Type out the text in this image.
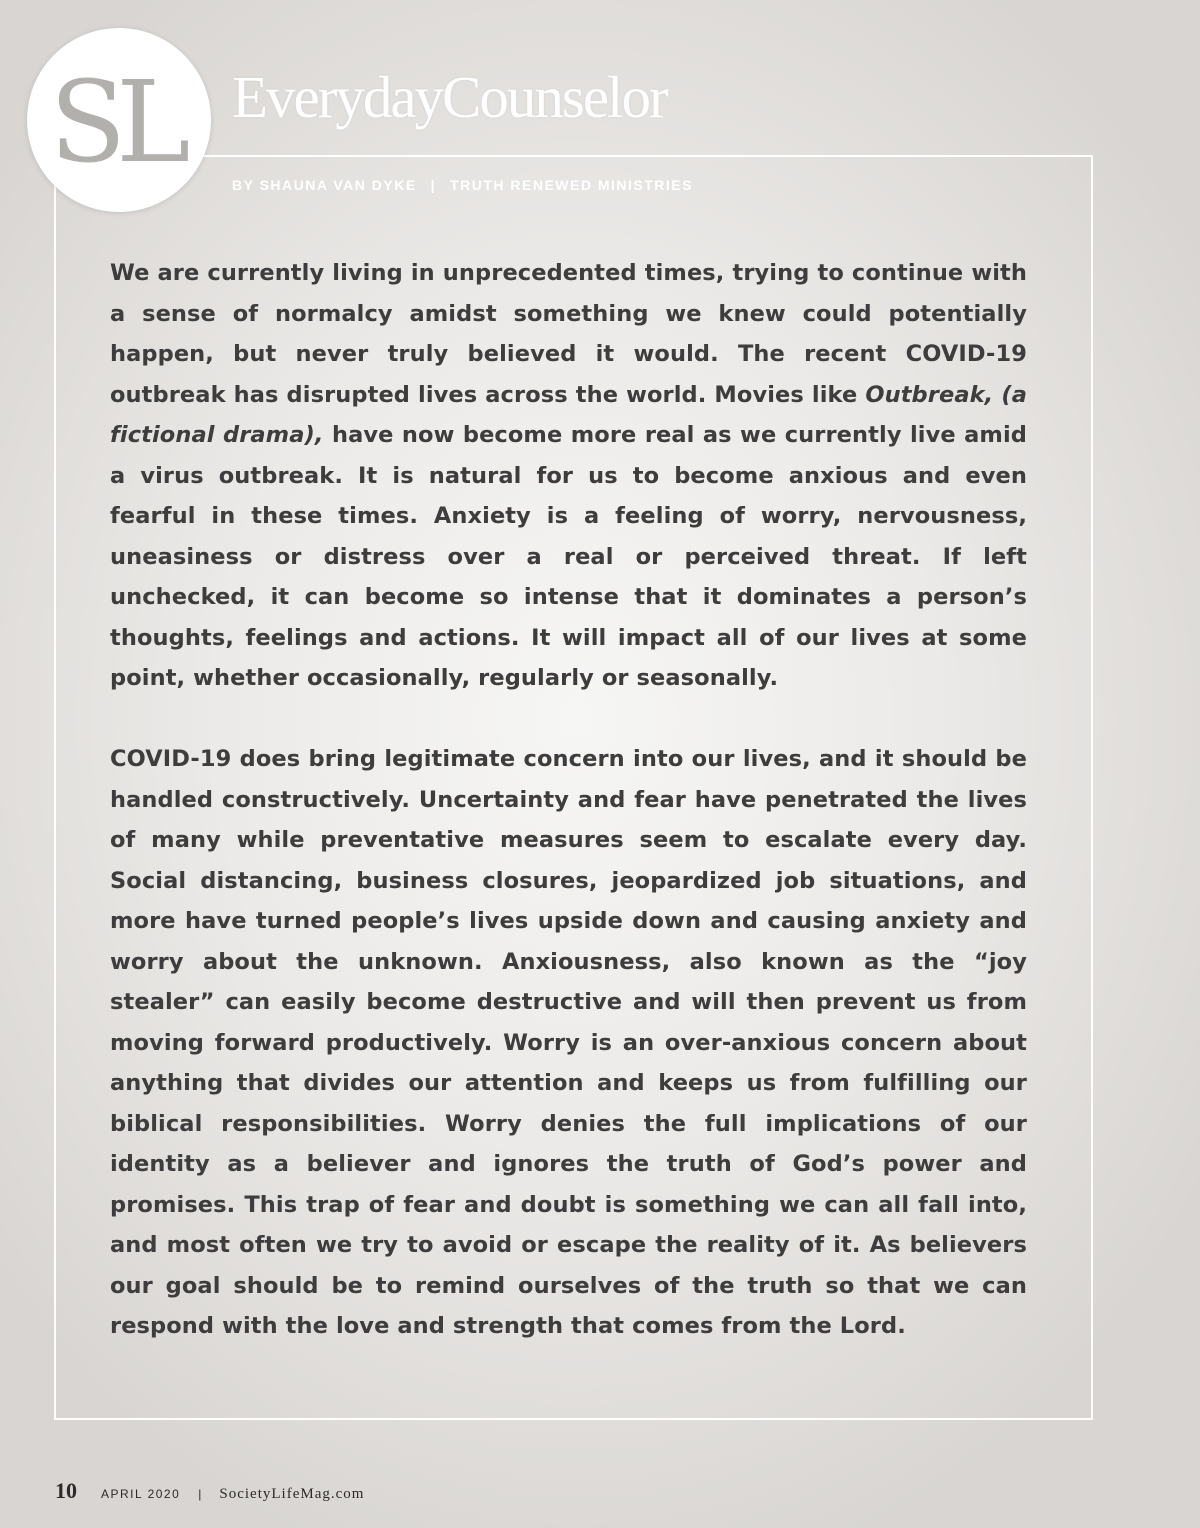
SL EverydayCounselor
BY SHAUNA VAN DYKE | TRUTH RENEWED MINISTRIES

We are currently living in unprecedented times, trying to continue with a sense of normalcy amidst something we knew could potentially happen, but never truly believed it would. The recent COVID-19 outbreak has disrupted lives across the world. Movies like Outbreak, (a fictional drama), have now become more real as we currently live amid a virus outbreak. It is natural for us to become anxious and even fearful in these times. Anxiety is a feeling of worry, nervousness, uneasiness or distress over a real or perceived threat. If left unchecked, it can become so intense that it dominates a person’s thoughts, feelings and actions. It will impact all of our lives at some point, whether occasionally, regularly or seasonally.

COVID-19 does bring legitimate concern into our lives, and it should be handled constructively. Uncertainty and fear have penetrated the lives of many while preventative measures seem to escalate every day. Social distancing, business closures, jeopardized job situations, and more have turned people’s lives upside down and causing anxiety and worry about the unknown. Anxiousness, also known as the “joy stealer” can easily become destructive and will then prevent us from moving forward productively. Worry is an over-anxious concern about anything that divides our attention and keeps us from fulfilling our biblical responsibilities. Worry denies the full implications of our identity as a believer and ignores the truth of God’s power and promises. This trap of fear and doubt is something we can all fall into, and most often we try to avoid or escape the reality of it. As believers our goal should be to remind ourselves of the truth so that we can respond with the love and strength that comes from the Lord.

10 APRIL 2020 | SocietyLifeMag.com
